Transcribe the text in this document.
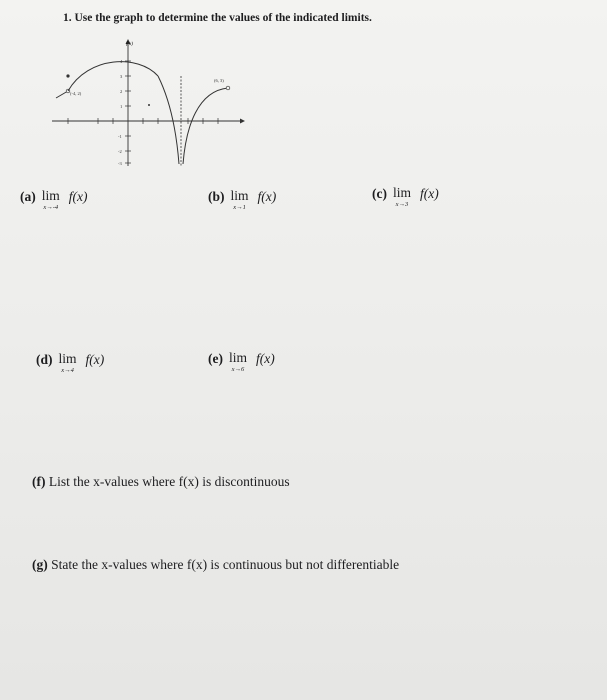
1. Use the graph to determine the values of the indicated limits.
f(x)
4
3
2
1
-1
-2
-3
(-4, 2)
(6, 3)
(a) lim
x→-4
f(x)	(b) lim
x→1
f(x)	(c) lim
x→3
f(x)
(d) lim
x→4
f(x)	(e) lim
x→6
f(x)
(f) List the x-values where f(x) is discontinuous
(g) State the x-values where f(x) is continuous but not differentiable
